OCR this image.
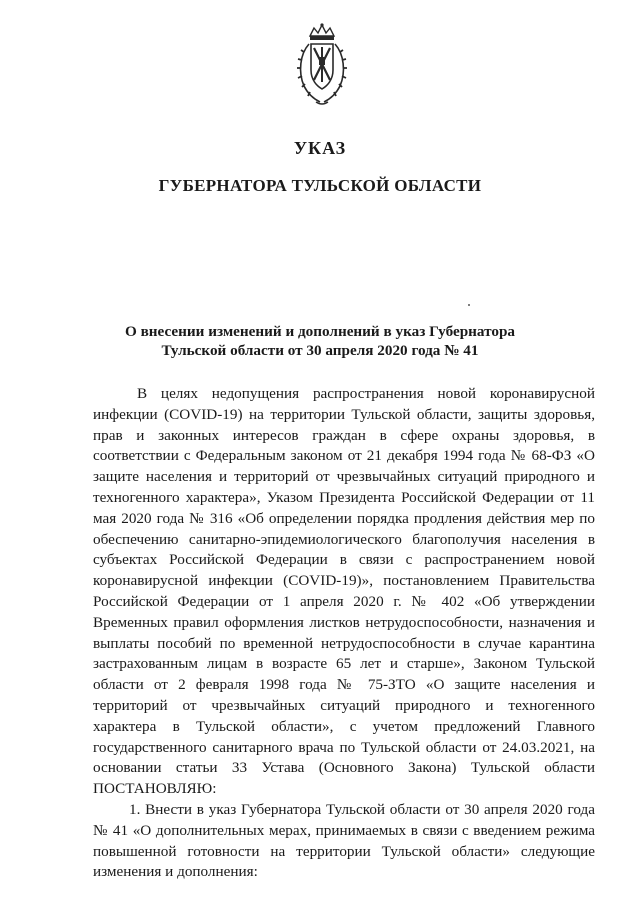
УКАЗ
ГУБЕРНАТОРА ТУЛЬСКОЙ ОБЛАСТИ
О внесении изменений и дополнений в указ Губернатора
Тульской области от 30 апреля 2020 года № 41

В целях недопущения распространения новой коронавирусной инфекции (COVID-19) на территории Тульской области, защиты здоровья, прав и законных интересов граждан в сфере охраны здоровья, в соответствии с Федеральным законом от 21 декабря 1994 года № 68-ФЗ «О защите населения и территорий от чрезвычайных ситуаций природного и техногенного характера», Указом Президента Российской Федерации от 11 мая 2020 года № 316 «Об определении порядка продления действия мер по обеспечению санитарно-эпидемиологического благополучия населения в субъектах Российской Федерации в связи с распространением новой коронавирусной инфекции (COVID-19)», постановлением Правительства Российской Федерации от 1 апреля 2020 г. № 402 «Об утверждении Временных правил оформления листков нетрудоспособности, назначения и выплаты пособий по временной нетрудоспособности в случае карантина застрахованным лицам в возрасте 65 лет и старше», Законом Тульской области от 2 февраля 1998 года № 75-ЗТО «О защите населения и территорий от чрезвычайных ситуаций природного и техногенного характера в Тульской области», с учетом предложений Главного государственного санитарного врача по Тульской области от 24.03.2021, на основании статьи 33 Устава (Основного Закона) Тульской области ПОСТАНОВЛЯЮ:

1. Внести в указ Губернатора Тульской области от 30 апреля 2020 года № 41 «О дополнительных мерах, принимаемых в связи с введением режима повышенной готовности на территории Тульской области» следующие изменения и дополнения:
